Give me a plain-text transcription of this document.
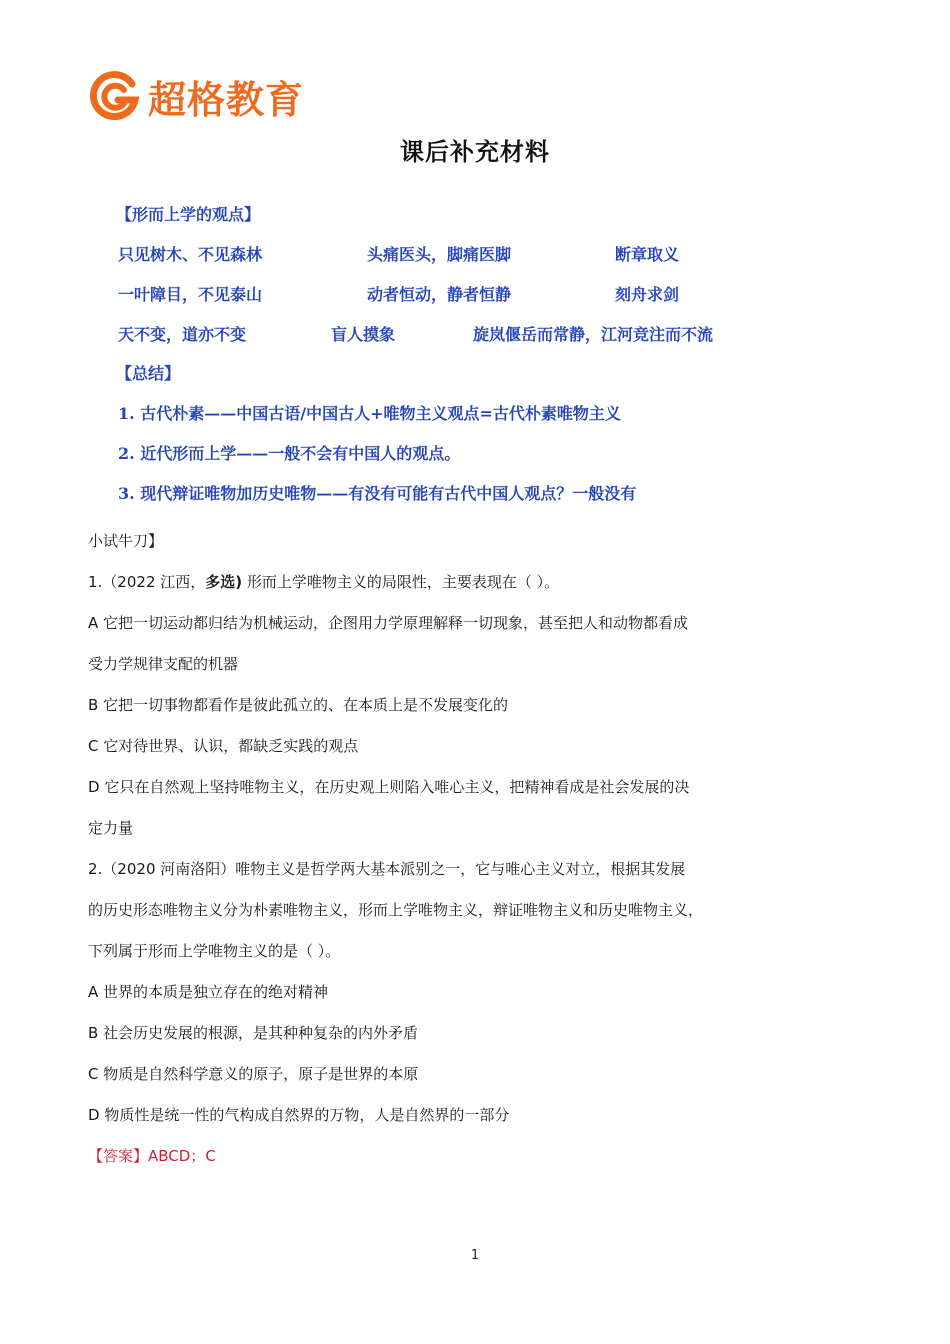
超格教育
课后补充材料
【形而上学的观点】
只见树木、不见森林	头痛医头，脚痛医脚	断章取义
一叶障目，不见泰山	动者恒动，静者恒静	刻舟求剑
天不变，道亦不变	盲人摸象	旋岚偃岳而常静，江河竞注而不流
【总结】
1. 古代朴素——中国古语/中国古人+唯物主义观点=古代朴素唯物主义
2. 近代形而上学——一般不会有中国人的观点。
3. 现代辩证唯物加历史唯物——有没有可能有古代中国人观点？一般没有
小试牛刀】
1.（2022 江西，多选) 形而上学唯物主义的局限性，主要表现在（ ）。
A 它把一切运动都归结为机械运动，企图用力学原理解释一切现象，甚至把人和动物都看成
受力学规律支配的机器
B 它把一切事物都看作是彼此孤立的、在本质上是不发展变化的
C 它对待世界、认识，都缺乏实践的观点
D 它只在自然观上坚持唯物主义，在历史观上则陷入唯心主义，把精神看成是社会发展的决
定力量
2.（2020 河南洛阳）唯物主义是哲学两大基本派别之一，它与唯心主义对立，根据其发展
的历史形态唯物主义分为朴素唯物主义，形而上学唯物主义，辩证唯物主义和历史唯物主义，
下列属于形而上学唯物主义的是（ ）。
A 世界的本质是独立存在的绝对精神
B 社会历史发展的根源，是其种种复杂的内外矛盾
C 物质是自然科学意义的原子，原子是世界的本原
D 物质性是统一性的气构成自然界的万物，人是自然界的一部分
【答案】ABCD；C
1
